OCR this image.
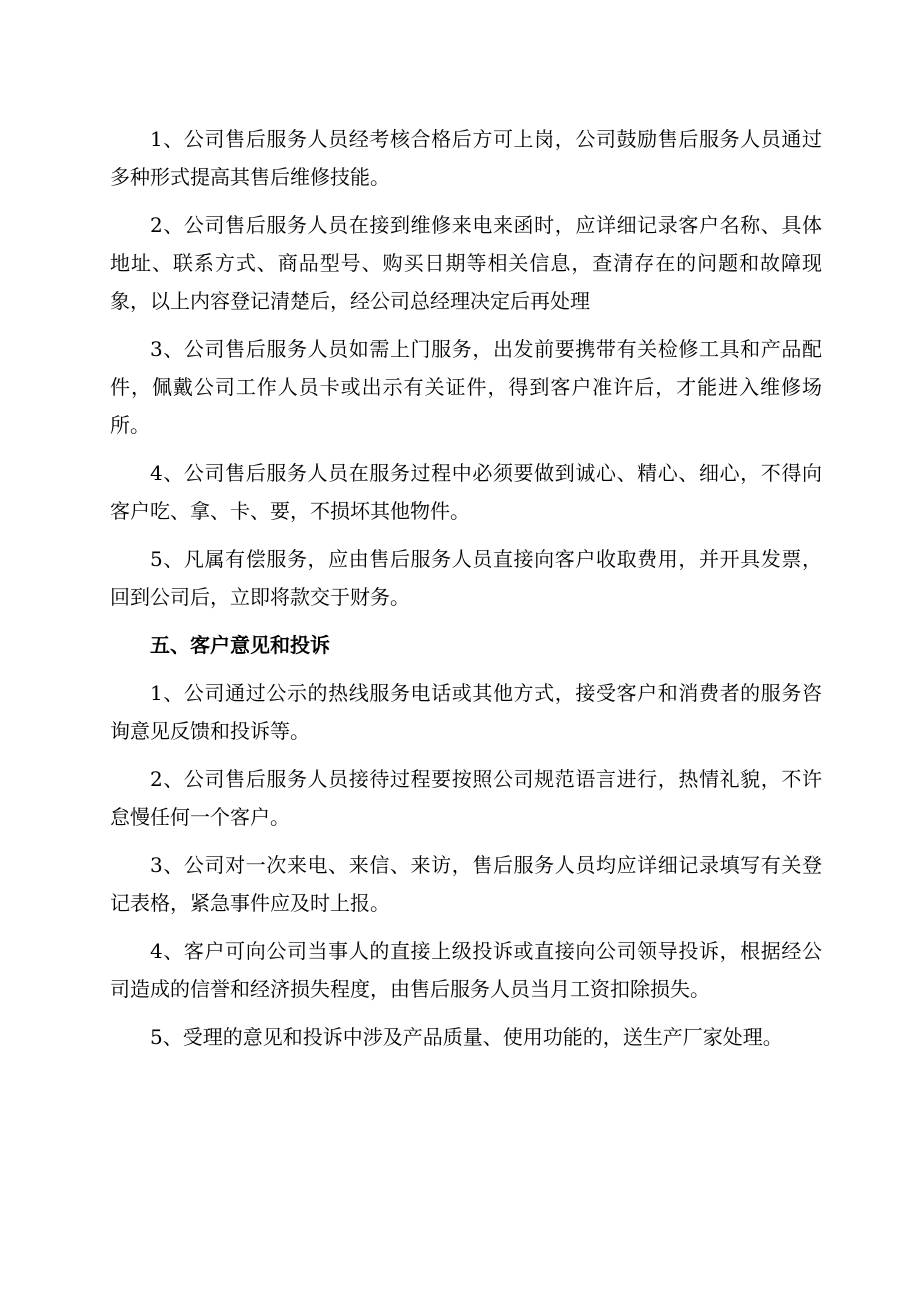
1、公司售后服务人员经考核合格后方可上岗，公司鼓励售后服务人员通过多种形式提高其售后维修技能。

2、公司售后服务人员在接到维修来电来函时，应详细记录客户名称、具体地址、联系方式、商品型号、购买日期等相关信息，查清存在的问题和故障现象，以上内容登记清楚后，经公司总经理决定后再处理

3、公司售后服务人员如需上门服务，出发前要携带有关检修工具和产品配件，佩戴公司工作人员卡或出示有关证件，得到客户准许后，才能进入维修场所。

4、公司售后服务人员在服务过程中必须要做到诚心、精心、细心，不得向客户吃、拿、卡、要，不损坏其他物件。

5、凡属有偿服务，应由售后服务人员直接向客户收取费用，并开具发票，回到公司后，立即将款交于财务。

五、客户意见和投诉

1、公司通过公示的热线服务电话或其他方式，接受客户和消费者的服务咨询意见反馈和投诉等。

2、公司售后服务人员接待过程要按照公司规范语言进行，热情礼貌，不许怠慢任何一个客户。

3、公司对一次来电、来信、来访，售后服务人员均应详细记录填写有关登记表格，紧急事件应及时上报。

4、客户可向公司当事人的直接上级投诉或直接向公司领导投诉，根据经公司造成的信誉和经济损失程度，由售后服务人员当月工资扣除损失。

5、受理的意见和投诉中涉及产品质量、使用功能的，送生产厂家处理。
